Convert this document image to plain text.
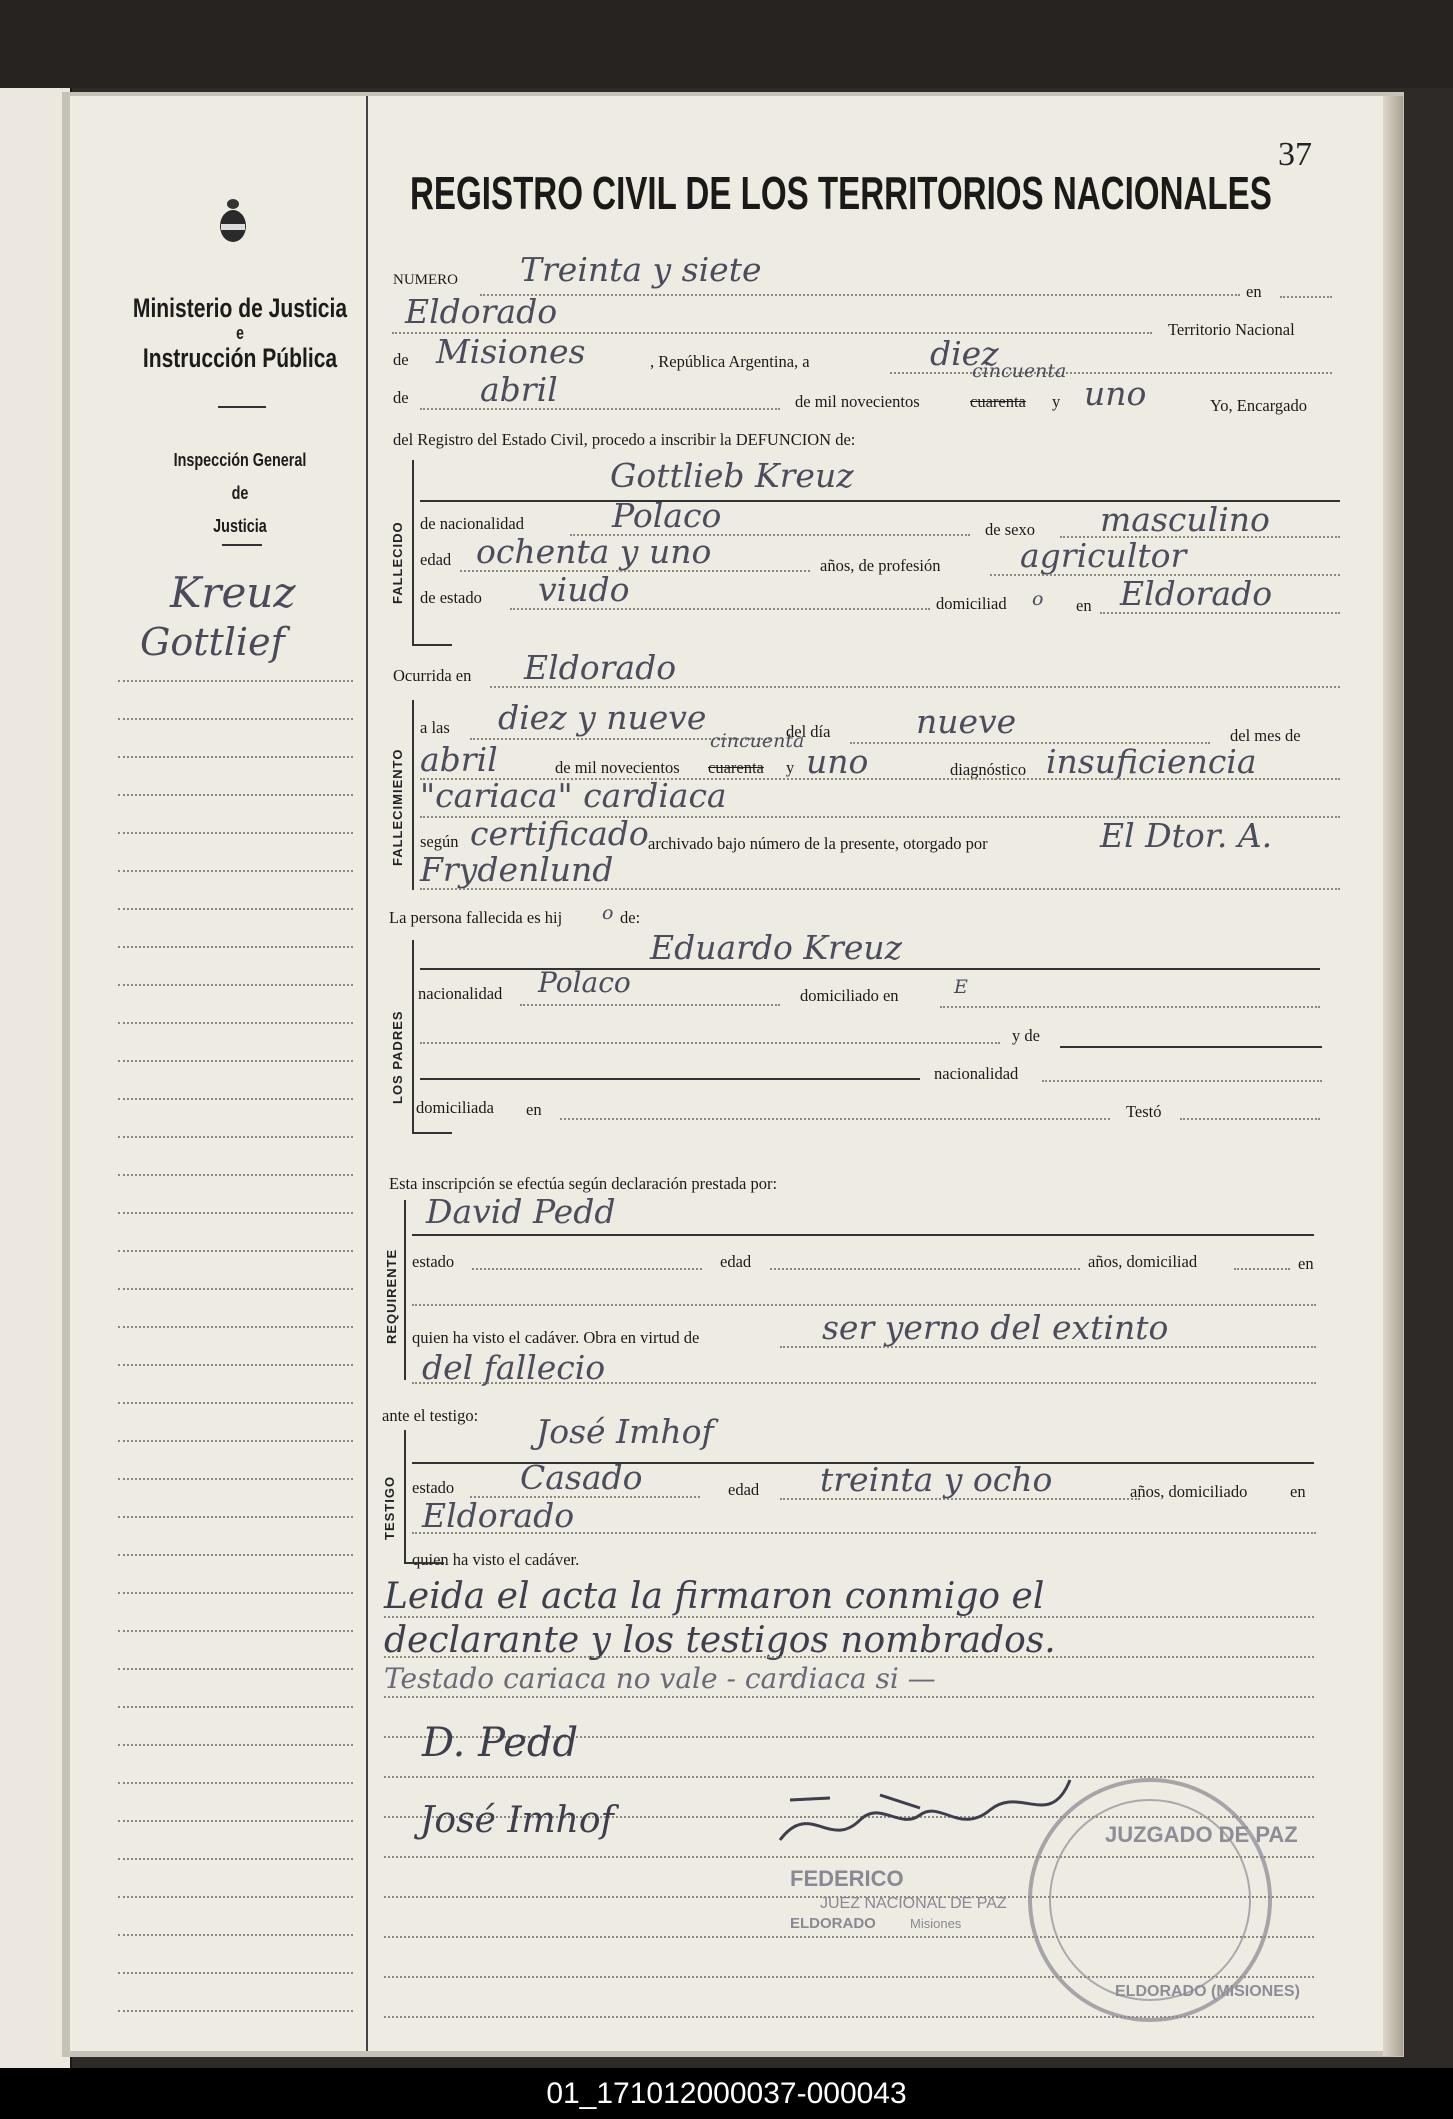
Ministerio de Justicia
e
Instrucción Pública
Inspección General
de
Justicia
Kreuz
Gottlief
37
REGISTRO CIVIL DE LOS TERRITORIOS NACIONALES
NUMERO Treinta y siete
en
Eldorado	Territorio Nacional
de Misiones	, República Argentina, a	diez
de abril	de mil novecientos	cuarenta
cincuenta
y uno	Yo, Encargado
del Registro del Estado Civil, procedo a inscribir la DEFUNCION de:
FALLECIDO
Gottlieb Kreuz
de nacionalidad	Polaco	de sexo masculino
edad ochenta y uno	años, de profesión agricultor
de estado viudo	domiciliad o en Eldorado
Ocurrida en Eldorado
FALLECIMIENTO
a las diez y nueve	del día	nueve	del mes de
abril	de mil novecientos cuarenta
cincuenta
y uno	diagnóstico insuficiencia
"cariaca" cardiaca
según certificado archivado bajo número de la presente, otorgado por	El Dtor. A.
Frydenlund
La persona fallecida es hij o de:
LOS PADRES
Eduardo Kreuz
nacionalidad Polaco	domiciliado en	E
y de
nacionalidad
domiciliada en	Testó
Esta inscripción se efectúa según declaración prestada por:
REQUIRENTE
David Pedd
estado	edad	años, domiciliad	en
quien ha visto el cadáver. Obra en virtud de	ser yerno del extinto
del fallecio
ante el testigo:
TESTIGO
José Imhof
estado Casado	edad treinta y ocho	años, domiciliado	en
Eldorado
quien ha visto el cadáver.
Leida el acta la firmaron conmigo el
declarante y los testigos nombrados.
Testado cariaca no vale - cardiaca si —
D. Pedd
José Imhof	JUZGADO DE PAZ
FEDERICO
JUEZ NACIONAL DE PAZ
ELDORADO	Misiones
ELDORADO (MISIONES)
01_171012000037-000043
